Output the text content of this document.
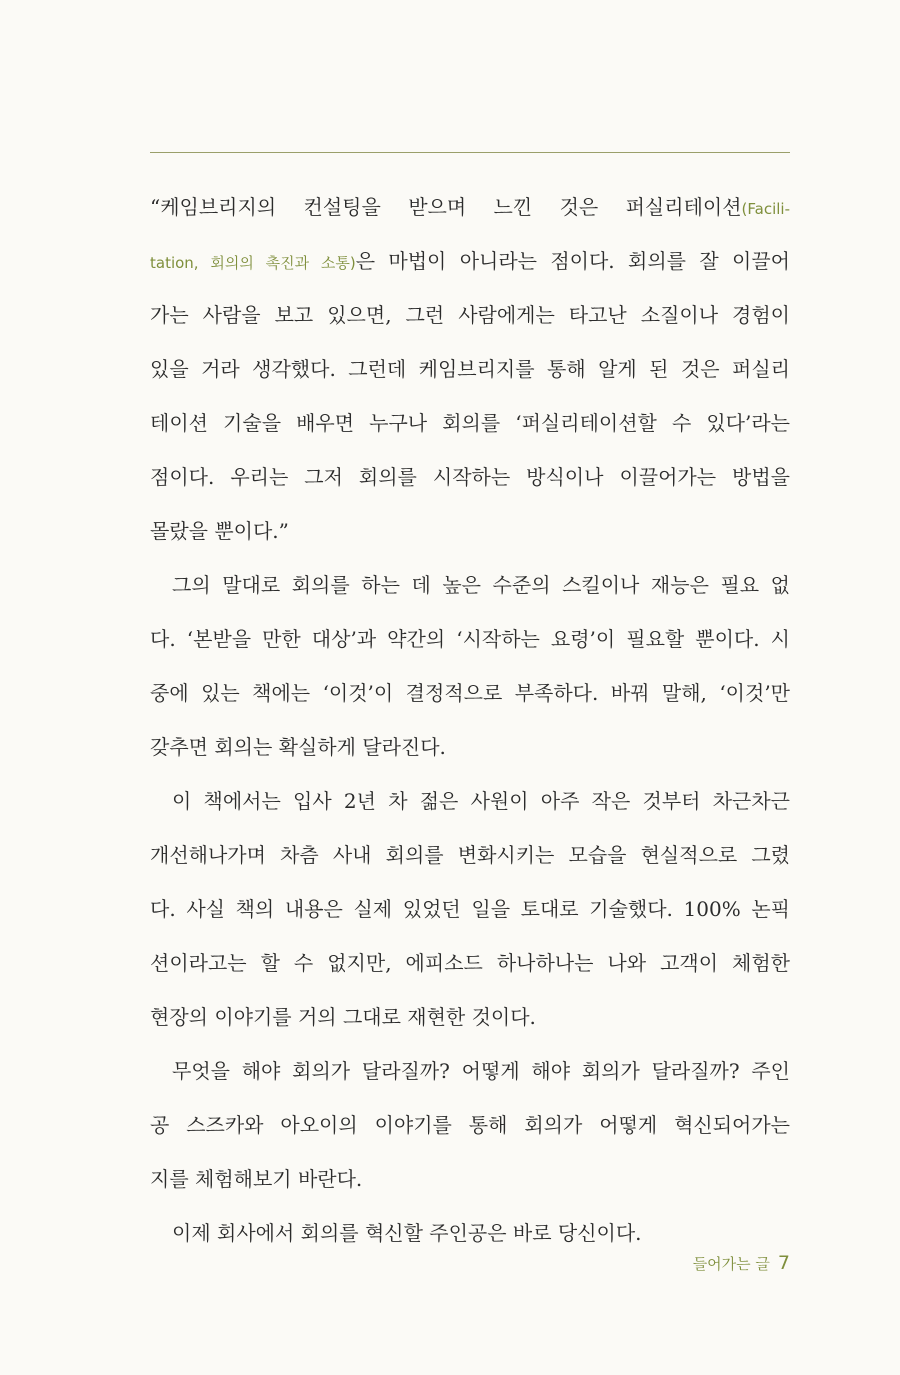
“케임브리지의 컨설팅을 받으며 느낀 것은 퍼실리테이션(Facili-
tation, 회의의 촉진과 소통)은 마법이 아니라는 점이다. 회의를 잘 이끌어
가는 사람을 보고 있으면, 그런 사람에게는 타고난 소질이나 경험이
있을 거라 생각했다. 그런데 케임브리지를 통해 알게 된 것은 퍼실리
테이션 기술을 배우면 누구나 회의를 ‘퍼실리테이션할 수 있다’라는
점이다. 우리는 그저 회의를 시작하는 방식이나 이끌어가는 방법을
몰랐을 뿐이다.”
그의 말대로 회의를 하는 데 높은 수준의 스킬이나 재능은 필요 없
다. ‘본받을 만한 대상’과 약간의 ‘시작하는 요령’이 필요할 뿐이다. 시
중에 있는 책에는 ‘이것’이 결정적으로 부족하다. 바꿔 말해, ‘이것’만
갖추면 회의는 확실하게 달라진다.
이 책에서는 입사 2년 차 젊은 사원이 아주 작은 것부터 차근차근
개선해나가며 차츰 사내 회의를 변화시키는 모습을 현실적으로 그렸
다. 사실 책의 내용은 실제 있었던 일을 토대로 기술했다. 100% 논픽
션이라고는 할 수 없지만, 에피소드 하나하나는 나와 고객이 체험한
현장의 이야기를 거의 그대로 재현한 것이다.
무엇을 해야 회의가 달라질까? 어떻게 해야 회의가 달라질까? 주인
공 스즈카와 아오이의 이야기를 통해 회의가 어떻게 혁신되어가는
지를 체험해보기 바란다.
이제 회사에서 회의를 혁신할 주인공은 바로 당신이다.
들어가는 글 7
